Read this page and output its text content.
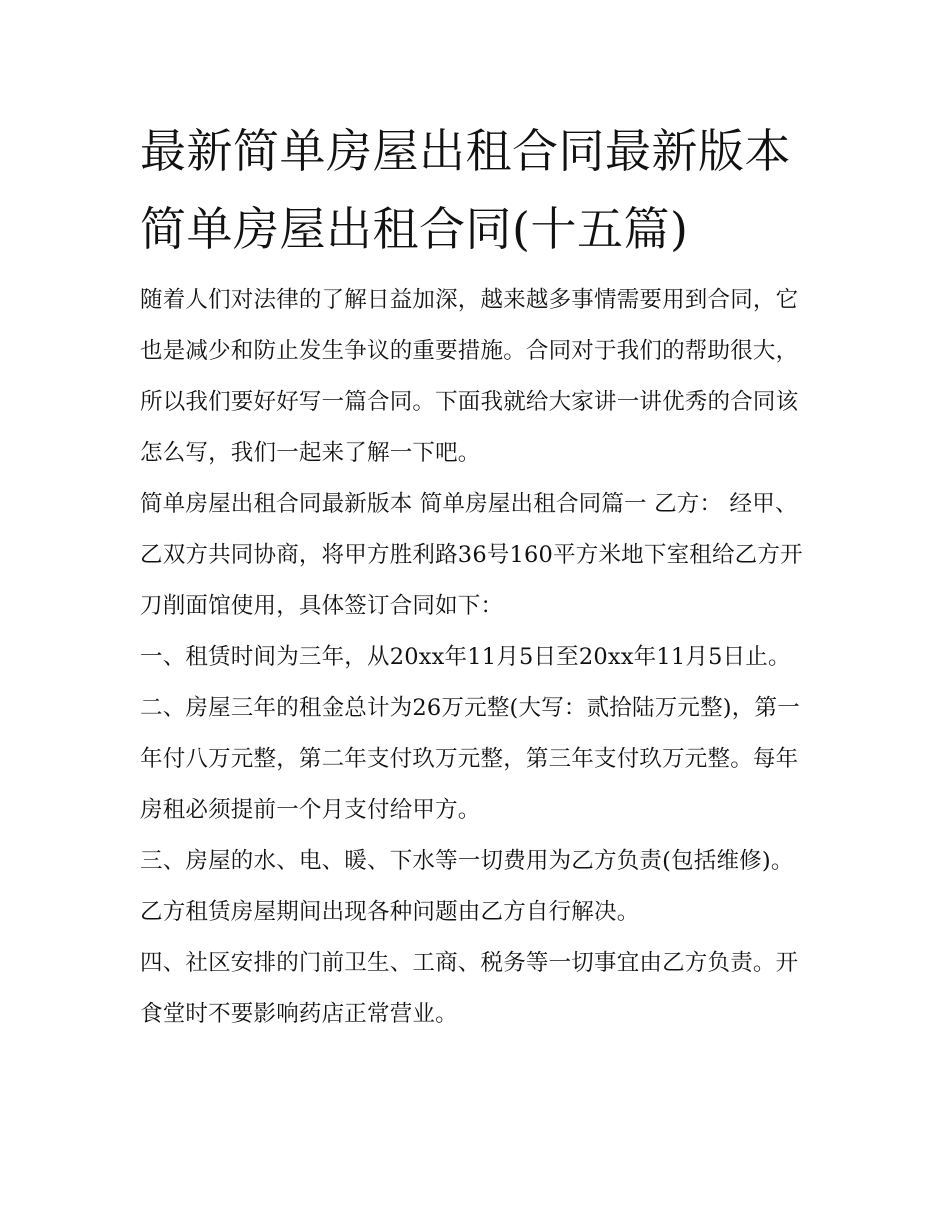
最新简单房屋出租合同最新版本 简单房屋出租合同(十五篇)

随着人们对法律的了解日益加深，越来越多事情需要用到合同，它也是减少和防止发生争议的重要措施。合同对于我们的帮助很大，所以我们要好好写一篇合同。下面我就给大家讲一讲优秀的合同该怎么写，我们一起来了解一下吧。

简单房屋出租合同最新版本 简单房屋出租合同篇一 乙方： 经甲、乙双方共同协商，将甲方胜利路36号160平方米地下室租给乙方开刀削面馆使用，具体签订合同如下：

一、租赁时间为三年，从20xx年11月5日至20xx年11月5日止。

二、房屋三年的租金总计为26万元整(大写：贰拾陆万元整)，第一年付八万元整，第二年支付玖万元整，第三年支付玖万元整。每年房租必须提前一个月支付给甲方。

三、房屋的水、电、暖、下水等一切费用为乙方负责(包括维修)。乙方租赁房屋期间出现各种问题由乙方自行解决。

四、社区安排的门前卫生、工商、税务等一切事宜由乙方负责。开食堂时不要影响药店正常营业。
